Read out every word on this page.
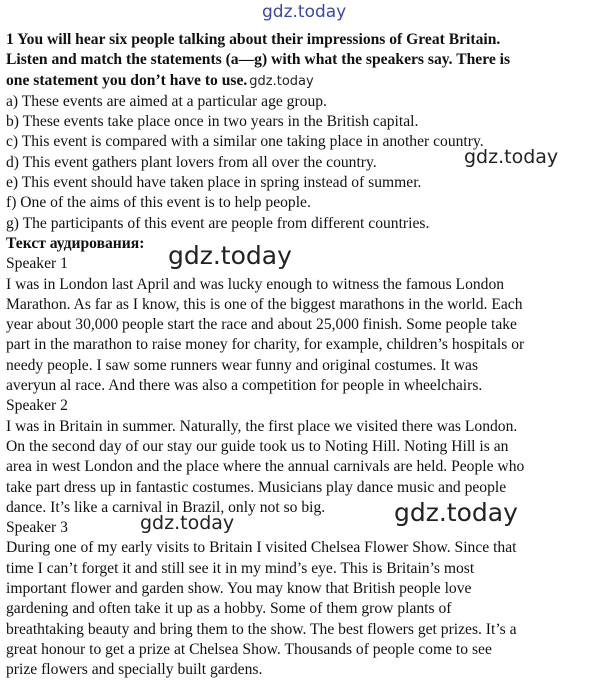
gdz.today
gdz.today
gdz.today
gdz.today
gdz.today
1 You will hear six people talking about their impressions of Great Britain.
Listen and match the statements (a—g) with what the speakers say. There is
one statement you don’t have to use. gdz.today
a) These events are aimed at a particular age group.
b) These events take place once in two years in the British capital.
c) This event is compared with a similar one taking place in another country.
d) This event gathers plant lovers from all over the country.
e) This event should have taken place in spring instead of summer.
f) One of the aims of this event is to help people.
g) The participants of this event are people from different countries.
Текст аудирования:
Speaker 1
I was in London last April and was lucky enough to witness the famous London
Marathon. As far as I know, this is one of the biggest marathons in the world. Each
year about 30,000 people start the race and about 25,000 finish. Some people take
part in the marathon to raise money for charity, for example, children’s hospitals or
needy people. I saw some runners wear funny and original costumes. It was
averyun al race. And there was also a competition for people in wheelchairs.
Speaker 2
I was in Britain in summer. Naturally, the first place we visited there was London.
On the second day of our stay our guide took us to Noting Hill. Noting Hill is an
area in west London and the place where the annual carnivals are held. People who
take part dress up in fantastic costumes. Musicians play dance music and people
dance. It’s like a carnival in Brazil, only not so big.
Speaker 3
During one of my early visits to Britain I visited Chelsea Flower Show. Since that
time I can’t forget it and still see it in my mind’s eye. This is Britain’s most
important flower and garden show. You may know that British people love
gardening and often take it up as a hobby. Some of them grow plants of
breathtaking beauty and bring them to the show. The best flowers get prizes. It’s a
great honour to get a prize at Chelsea Show. Thousands of people come to see
prize flowers and specially built gardens.
